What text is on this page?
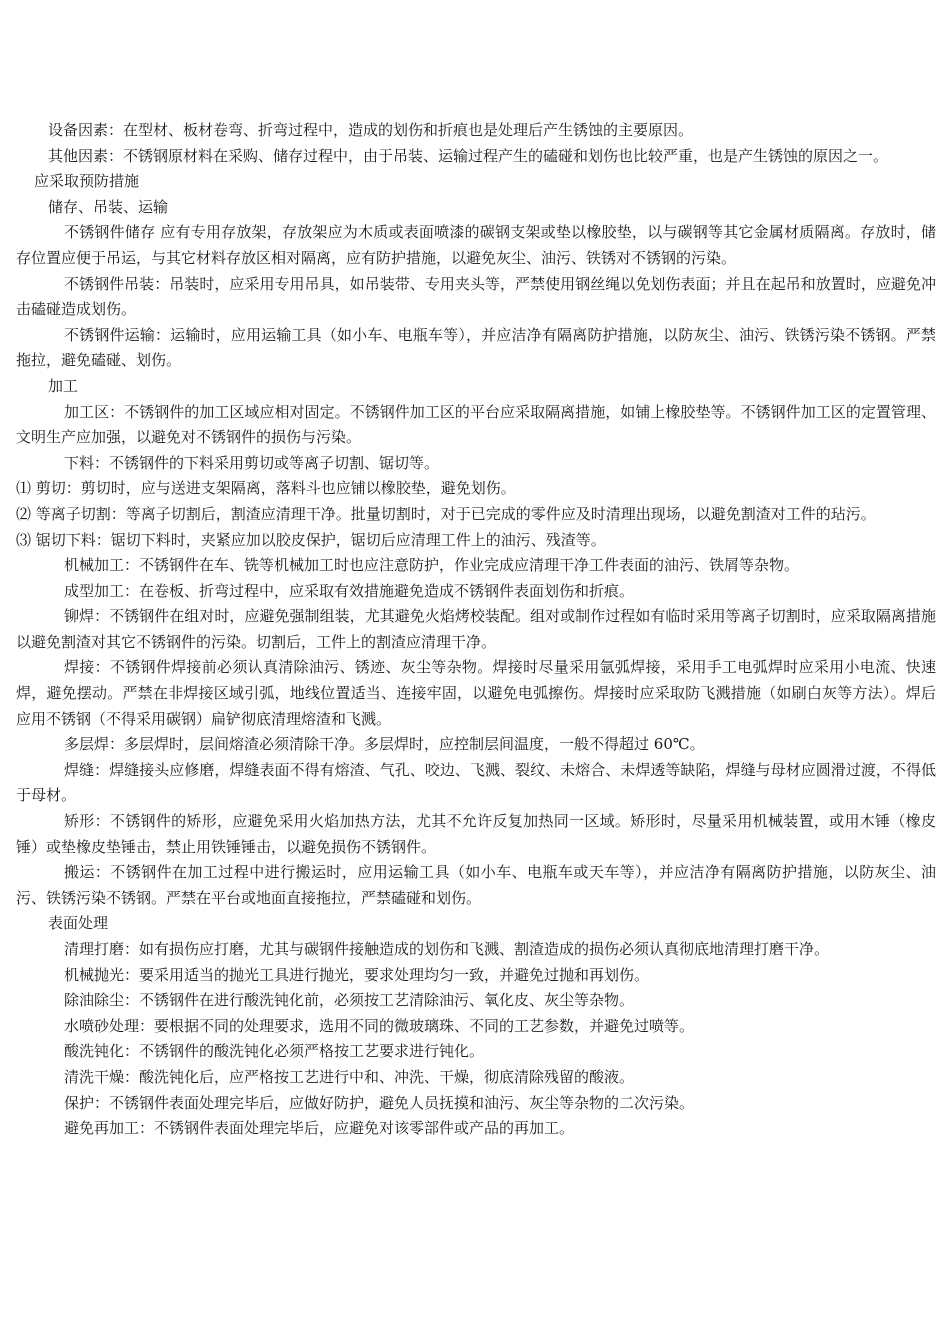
设备因素：在型材、板材卷弯、折弯过程中，造成的划伤和折痕也是处理后产生锈蚀的主要原因。

其他因素：不锈钢原材料在采购、储存过程中，由于吊装、运输过程产生的磕碰和划伤也比较严重，也是产生锈蚀的原因之一。

应采取预防措施

储存、吊装、运输

不锈钢件储存 应有专用存放架，存放架应为木质或表面喷漆的碳钢支架或垫以橡胶垫，以与碳钢等其它金属材质隔离。存放时，储存位置应便于吊运，与其它材料存放区相对隔离，应有防护措施，以避免灰尘、油污、铁锈对不锈钢的污染。

不锈钢件吊装：吊装时，应采用专用吊具，如吊装带、专用夹头等，严禁使用钢丝绳以免划伤表面；并且在起吊和放置时，应避免冲击磕碰造成划伤。

不锈钢件运输：运输时，应用运输工具（如小车、电瓶车等），并应洁净有隔离防护措施，以防灰尘、油污、铁锈污染不锈钢。严禁拖拉，避免磕碰、划伤。

加工

加工区：不锈钢件的加工区域应相对固定。不锈钢件加工区的平台应采取隔离措施，如铺上橡胶垫等。不锈钢件加工区的定置管理、文明生产应加强，以避免对不锈钢件的损伤与污染。

下料：不锈钢件的下料采用剪切或等离子切割、锯切等。

⑴ 剪切：剪切时，应与送进支架隔离，落料斗也应铺以橡胶垫，避免划伤。

⑵ 等离子切割：等离子切割后，割渣应清理干净。批量切割时，对于已完成的零件应及时清理出现场，以避免割渣对工件的玷污。

⑶ 锯切下料：锯切下料时，夹紧应加以胶皮保护，锯切后应清理工件上的油污、残渣等。

机械加工：不锈钢件在车、铣等机械加工时也应注意防护，作业完成应清理干净工件表面的油污、铁屑等杂物。

成型加工：在卷板、折弯过程中，应采取有效措施避免造成不锈钢件表面划伤和折痕。

铆焊：不锈钢件在组对时，应避免强制组装，尤其避免火焰烤校装配。组对或制作过程如有临时采用等离子切割时，应采取隔离措施以避免割渣对其它不锈钢件的污染。切割后，工件上的割渣应清理干净。

焊接：不锈钢件焊接前必须认真清除油污、锈迹、灰尘等杂物。焊接时尽量采用氩弧焊接，采用手工电弧焊时应采用小电流、快速焊，避免摆动。严禁在非焊接区域引弧，地线位置适当、连接牢固，以避免电弧擦伤。焊接时应采取防飞溅措施（如刷白灰等方法）。焊后应用不锈钢（不得采用碳钢）扁铲彻底清理熔渣和飞溅。

多层焊：多层焊时，层间熔渣必须清除干净。多层焊时，应控制层间温度，一般不得超过 60℃。

焊缝：焊缝接头应修磨，焊缝表面不得有熔渣、气孔、咬边、飞溅、裂纹、未熔合、未焊透等缺陷，焊缝与母材应圆滑过渡，不得低于母材。

矫形：不锈钢件的矫形，应避免采用火焰加热方法，尤其不允许反复加热同一区域。矫形时，尽量采用机械装置，或用木锤（橡皮锤）或垫橡皮垫锤击，禁止用铁锤锤击，以避免损伤不锈钢件。

搬运：不锈钢件在加工过程中进行搬运时，应用运输工具（如小车、电瓶车或天车等），并应洁净有隔离防护措施，以防灰尘、油污、铁锈污染不锈钢。严禁在平台或地面直接拖拉，严禁磕碰和划伤。

表面处理

清理打磨：如有损伤应打磨，尤其与碳钢件接触造成的划伤和飞溅、割渣造成的损伤必须认真彻底地清理打磨干净。

机械抛光：要采用适当的抛光工具进行抛光，要求处理均匀一致，并避免过抛和再划伤。

除油除尘：不锈钢件在进行酸洗钝化前，必须按工艺清除油污、氧化皮、灰尘等杂物。

水喷砂处理：要根据不同的处理要求，选用不同的微玻璃珠、不同的工艺参数，并避免过喷等。

酸洗钝化：不锈钢件的酸洗钝化必须严格按工艺要求进行钝化。

清洗干燥：酸洗钝化后，应严格按工艺进行中和、冲洗、干燥，彻底清除残留的酸液。

保护：不锈钢件表面处理完毕后，应做好防护，避免人员抚摸和油污、灰尘等杂物的二次污染。

避免再加工：不锈钢件表面处理完毕后，应避免对该零部件或产品的再加工。
